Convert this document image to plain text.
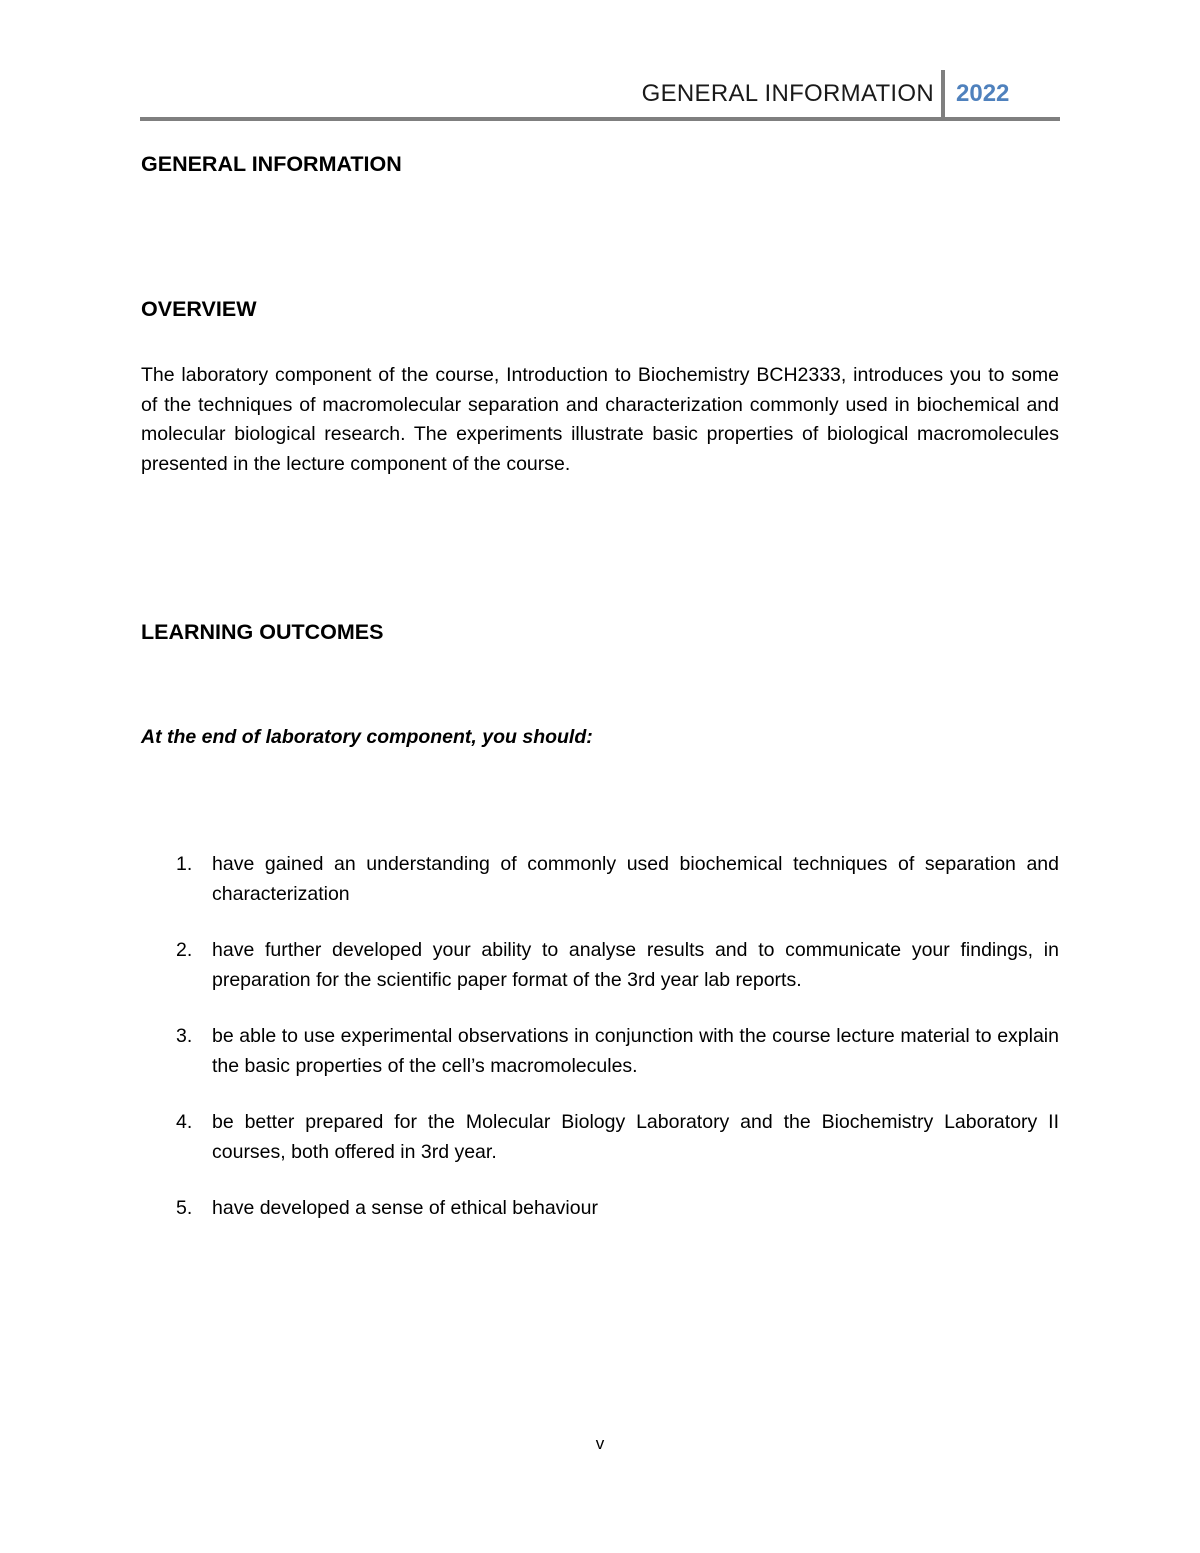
GENERAL INFORMATION 2022
GENERAL INFORMATION
OVERVIEW
The laboratory component of the course, Introduction to Biochemistry BCH2333, introduces you to some of the techniques of macromolecular separation and characterization commonly used in biochemical and molecular biological research. The experiments illustrate basic properties of biological macromolecules presented in the lecture component of the course.
LEARNING OUTCOMES
At the end of laboratory component, you should:
1. have gained an understanding of commonly used biochemical techniques of separation and characterization
2. have further developed your ability to analyse results and to communicate your findings, in preparation for the scientific paper format of the 3rd year lab reports.
3. be able to use experimental observations in conjunction with the course lecture material to explain the basic properties of the cell’s macromolecules.
4. be better prepared for the Molecular Biology Laboratory and the Biochemistry Laboratory II courses, both offered in 3rd year.
5. have developed a sense of ethical behaviour
v
